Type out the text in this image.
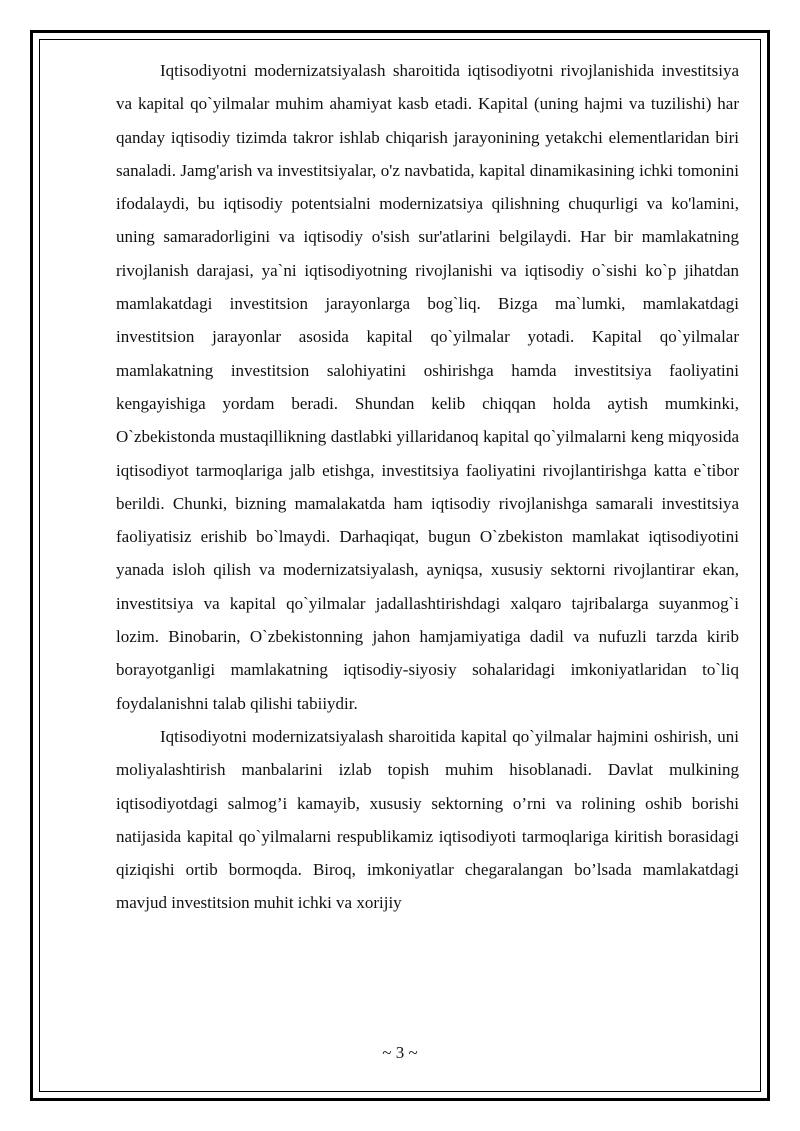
Iqtisodiyotni modernizatsiyalash sharoitida iqtisodiyotni rivojlanishida investitsiya va kapital qo`yilmalar muhim ahamiyat kasb etadi. Kapital (uning hajmi va tuzilishi) har qanday iqtisodiy tizimda takror ishlab chiqarish jarayonining yetakchi elementlaridan biri sanaladi. Jamg'arish va investitsiyalar, o'z navbatida, kapital dinamikasining ichki tomonini ifodalaydi, bu iqtisodiy potentsialni modernizatsiya qilishning chuqurligi va ko'lamini, uning samaradorligini va iqtisodiy o'sish sur'atlarini belgilaydi. Har bir mamlakatning rivojlanish darajasi, ya`ni iqtisodiyotning rivojlanishi va iqtisodiy o`sishi ko`p jihatdan mamlakatdagi investitsion jarayonlarga bog`liq. Bizga ma`lumki, mamlakatdagi investitsion jarayonlar asosida kapital qo`yilmalar yotadi. Kapital qo`yilmalar mamlakatning investitsion salohiyatini oshirishga hamda investitsiya faoliyatini kengayishiga yordam beradi. Shundan kelib chiqqan holda aytish mumkinki, O`zbekistonda mustaqillikning dastlabki yillaridanoq kapital qo`yilmalarni keng miqyosida iqtisodiyot tarmoqlariga jalb etishga, investitsiya faoliyatini rivojlantirishga katta e`tibor berildi. Chunki, bizning mamalakatda ham iqtisodiy rivojlanishga samarali investitsiya faoliyatisiz erishib bo`lmaydi. Darhaqiqat, bugun O`zbekiston mamlakat iqtisodiyotini yanada isloh qilish va modernizatsiyalash, ayniqsa, xususiy sektorni rivojlantirar ekan, investitsiya va kapital qo`yilmalar jadallashtirishdagi xalqaro tajribalarga suyanmog`i lozim. Binobarin, O`zbekistonning jahon hamjamiyatiga dadil va nufuzli tarzda kirib borayotganligi mamlakatning iqtisodiy-siyosiy sohalaridagi imkoniyatlaridan to`liq foydalanishni talab qilishi tabiiydir.

Iqtisodiyotni modernizatsiyalash sharoitida kapital qo`yilmalar hajmini oshirish, uni moliyalashtirish manbalarini izlab topish muhim hisoblanadi. Davlat mulkining iqtisodiyotdagi salmog’i kamayib, xususiy sektorning o’rni va rolining oshib borishi natijasida kapital qo`yilmalarni respublikamiz iqtisodiyoti tarmoqlariga kiritish borasidagi qiziqishi ortib bormoqda. Biroq, imkoniyatlar chegaralangan bo’lsada mamlakatdagi mavjud investitsion muhit ichki va xorijiy

~ 3 ~
